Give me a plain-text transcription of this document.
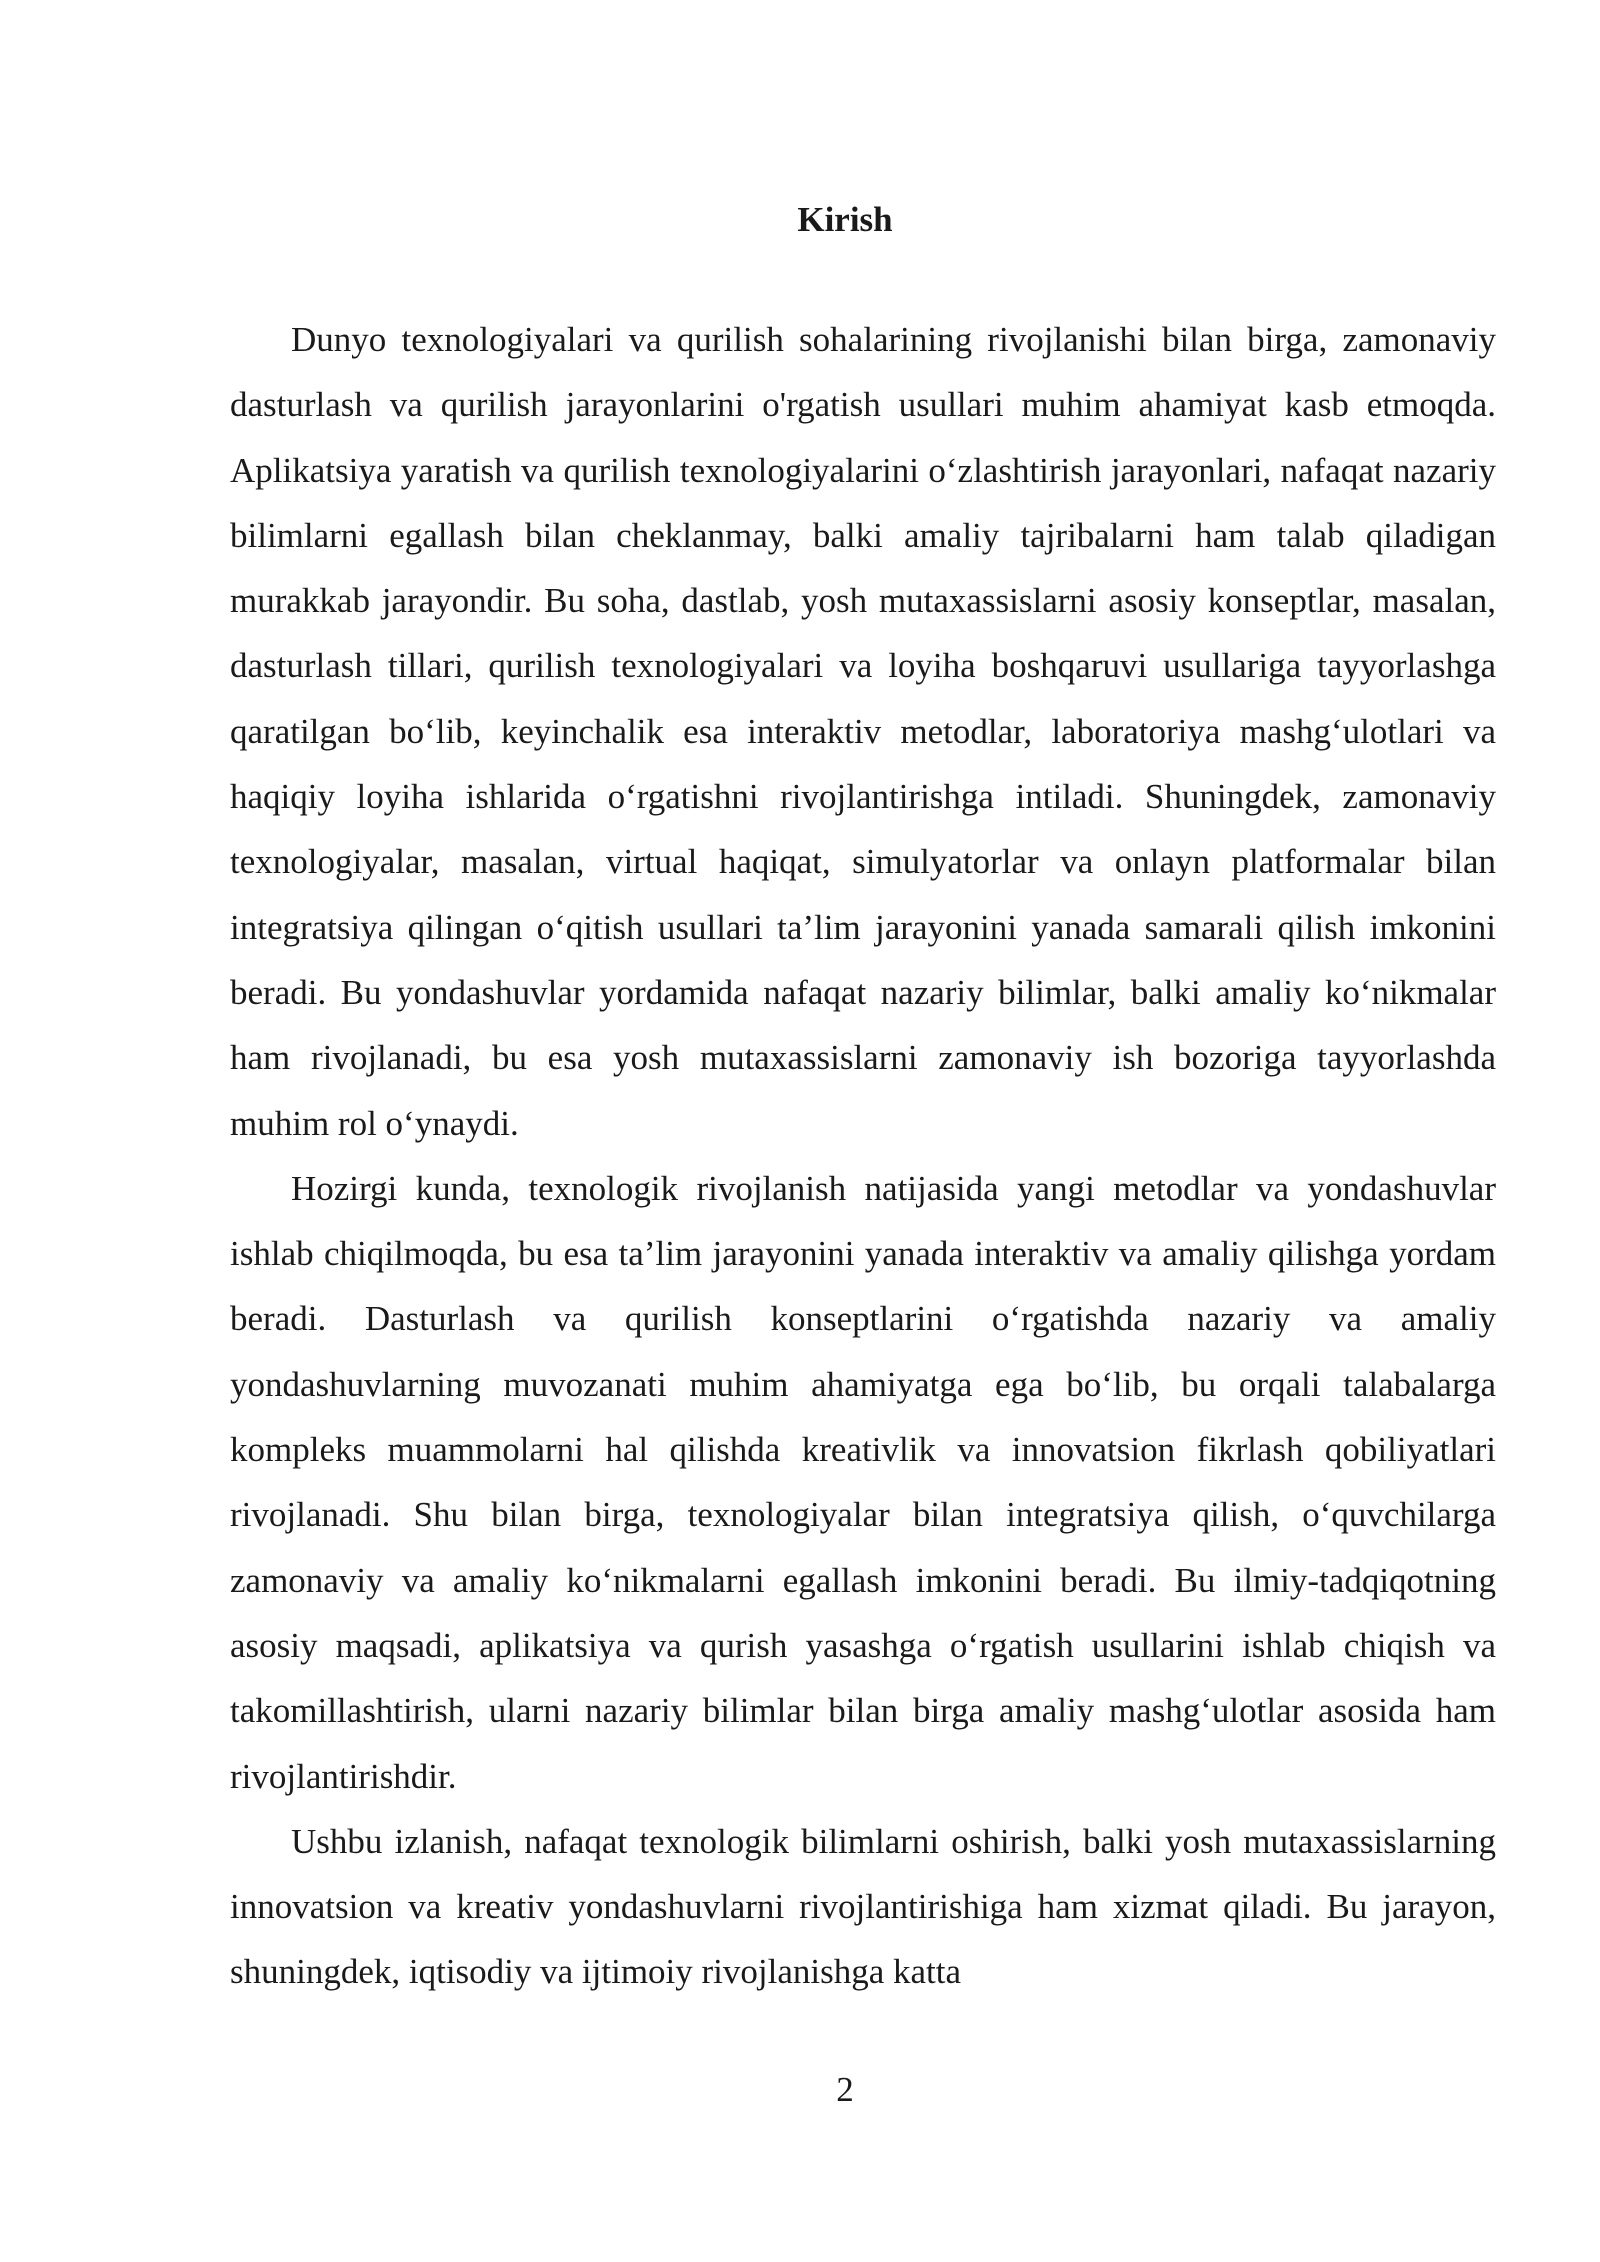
Kirish

Dunyo texnologiyalari va qurilish sohalarining rivojlanishi bilan birga, zamonaviy dasturlash va qurilish jarayonlarini o'rgatish usullari muhim ahamiyat kasb etmoqda. Aplikatsiya yaratish va qurilish texnologiyalarini o‘zlashtirish jarayonlari, nafaqat nazariy bilimlarni egallash bilan cheklanmay, balki amaliy tajribalarni ham talab qiladigan murakkab jarayondir. Bu soha, dastlab, yosh mutaxassislarni asosiy konseptlar, masalan, dasturlash tillari, qurilish texnologiyalari va loyiha boshqaruvi usullariga tayyorlashga qaratilgan bo‘lib, keyinchalik esa interaktiv metodlar, laboratoriya mashg‘ulotlari va haqiqiy loyiha ishlarida o‘rgatishni rivojlantirishga intiladi. Shuningdek, zamonaviy texnologiyalar, masalan, virtual haqiqat, simulyatorlar va onlayn platformalar bilan integratsiya qilingan o‘qitish usullari ta’lim jarayonini yanada samarali qilish imkonini beradi. Bu yondashuvlar yordamida nafaqat nazariy bilimlar, balki amaliy ko‘nikmalar ham rivojlanadi, bu esa yosh mutaxassislarni zamonaviy ish bozoriga tayyorlashda muhim rol o‘ynaydi.

Hozirgi kunda, texnologik rivojlanish natijasida yangi metodlar va yondashuvlar ishlab chiqilmoqda, bu esa ta’lim jarayonini yanada interaktiv va amaliy qilishga yordam beradi. Dasturlash va qurilish konseptlarini o‘rgatishda nazariy va amaliy yondashuvlarning muvozanati muhim ahamiyatga ega bo‘lib, bu orqali talabalarga kompleks muammolarni hal qilishda kreativlik va innovatsion fikrlash qobiliyatlari rivojlanadi. Shu bilan birga, texnologiyalar bilan integratsiya qilish, o‘quvchilarga zamonaviy va amaliy ko‘nikmalarni egallash imkonini beradi. Bu ilmiy-tadqiqotning asosiy maqsadi, aplikatsiya va qurish yasashga o‘rgatish usullarini ishlab chiqish va takomillashtirish, ularni nazariy bilimlar bilan birga amaliy mashg‘ulotlar asosida ham rivojlantirishdir.

Ushbu izlanish, nafaqat texnologik bilimlarni oshirish, balki yosh mutaxassislarning innovatsion va kreativ yondashuvlarni rivojlantirishiga ham xizmat qiladi. Bu jarayon, shuningdek, iqtisodiy va ijtimoiy rivojlanishga katta

2
